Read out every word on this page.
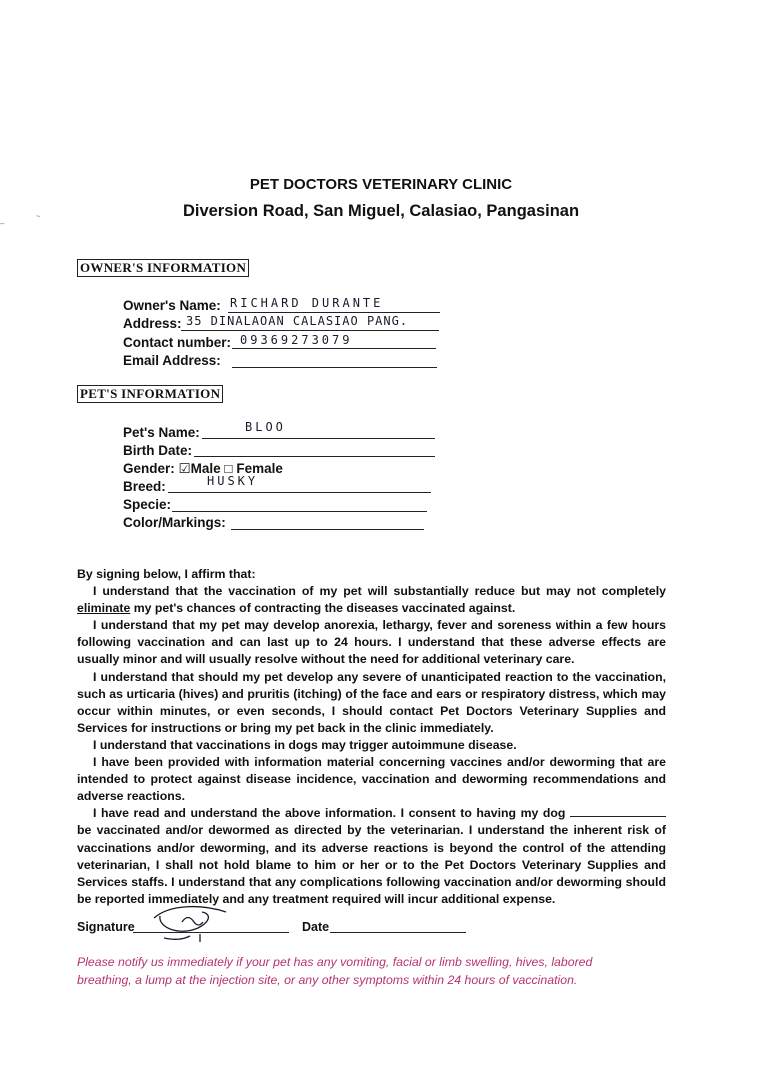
–
~
PET DOCTORS VETERINARY CLINIC
Diversion Road, San Miguel, Calasiao, Pangasinan
OWNER'S INFORMATION
Owner's Name: RICHARD DURANTE
Address: 35 DINALAOAN CALASIAO PANG.
Contact number: 09369273079
Email Address:
PET'S INFORMATION
Pet's Name:	BLOO
Birth Date:
Gender: ☑Male □ Female
Breed:	HUSKY
Specie:
Color/Markings:

By signing below, I affirm that:

I understand that the vaccination of my pet will substantially reduce but may not completely eliminate my pet's chances of contracting the diseases vaccinated against.

I understand that my pet may develop anorexia, lethargy, fever and soreness within a few hours following vaccination and can last up to 24 hours. I understand that these adverse effects are usually minor and will usually resolve without the need for additional veterinary care.

I understand that should my pet develop any severe of unanticipated reaction to the vaccination, such as urticaria (hives) and pruritis (itching) of the face and ears or respiratory distress, which may occur within minutes, or even seconds, I should contact Pet Doctors Veterinary Supplies and Services for instructions or bring my pet back in the clinic immediately.

I understand that vaccinations in dogs may trigger autoimmune disease.

I have been provided with information material concerning vaccines and/or deworming that are intended to protect against disease incidence, vaccination and deworming recommendations and adverse reactions.

I have read and understand the above information. I consent to having my dog  be vaccinated and/or dewormed as directed by the veterinarian. I understand the inherent risk of vaccinations and/or deworming, and its adverse reactions is beyond the control of the attending veterinarian, I shall not hold blame to him or her or to the Pet Doctors Veterinary Supplies and Services staffs. I understand that any complications following vaccination and/or deworming should be reported immediately and any treatment required will incur additional expense.

Signature	Date
Please notify us immediately if your pet has any vomiting, facial or limb swelling, hives, labored breathing, a lump at the injection site, or any other symptoms within 24 hours of vaccination.
